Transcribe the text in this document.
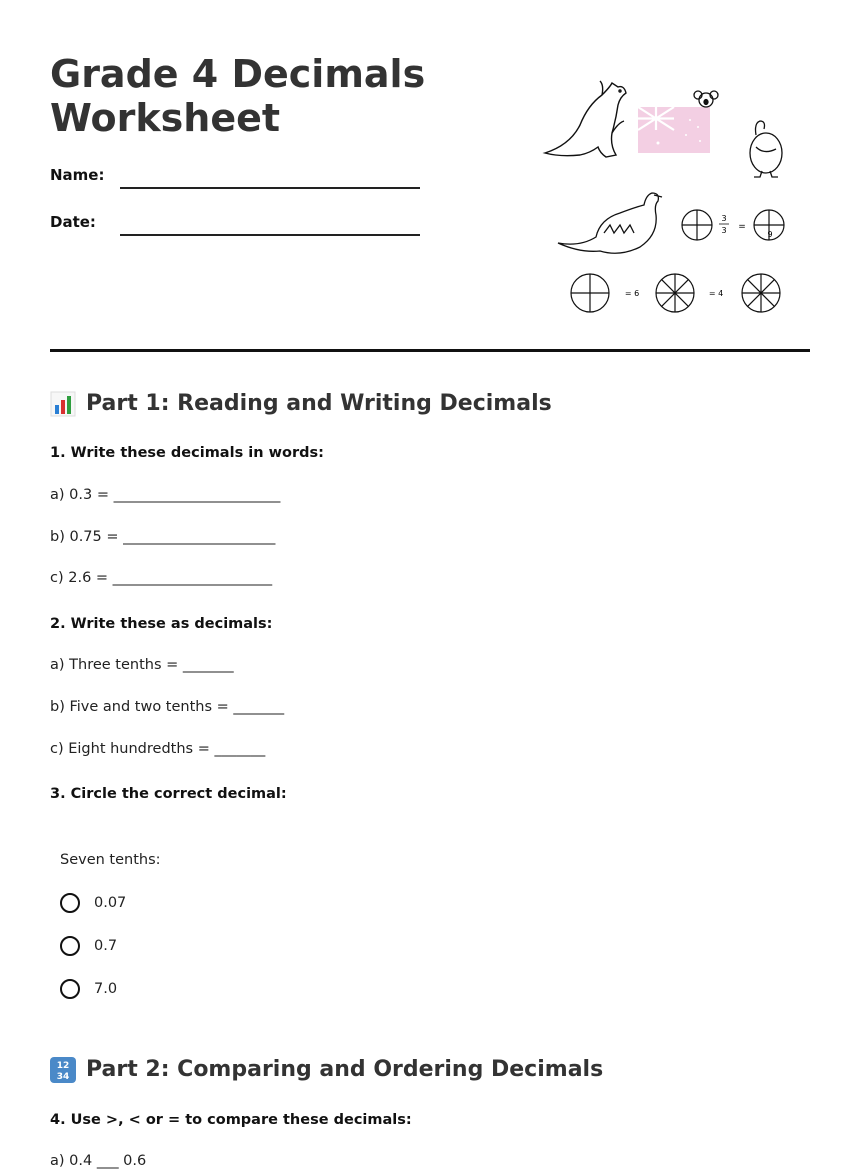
Grade 4 Decimals
Worksheet
Name:
Date:	3
3 =
9
= 6	= 4
Part 1: Reading and Writing Decimals
1. Write these decimals in words:
a) 0.3 = _______________________
b) 0.75 = _____________________
c) 2.6 = ______________________
2. Write these as decimals:
a) Three tenths = _______
b) Five and two tenths = _______
c) Eight hundredths = _______
3. Circle the correct decimal:
Seven tenths:
0.07
0.7
7.0
12
34 Part 2: Comparing and Ordering Decimals
4. Use >, < or = to compare these decimals:
a) 0.4 ___ 0.6
